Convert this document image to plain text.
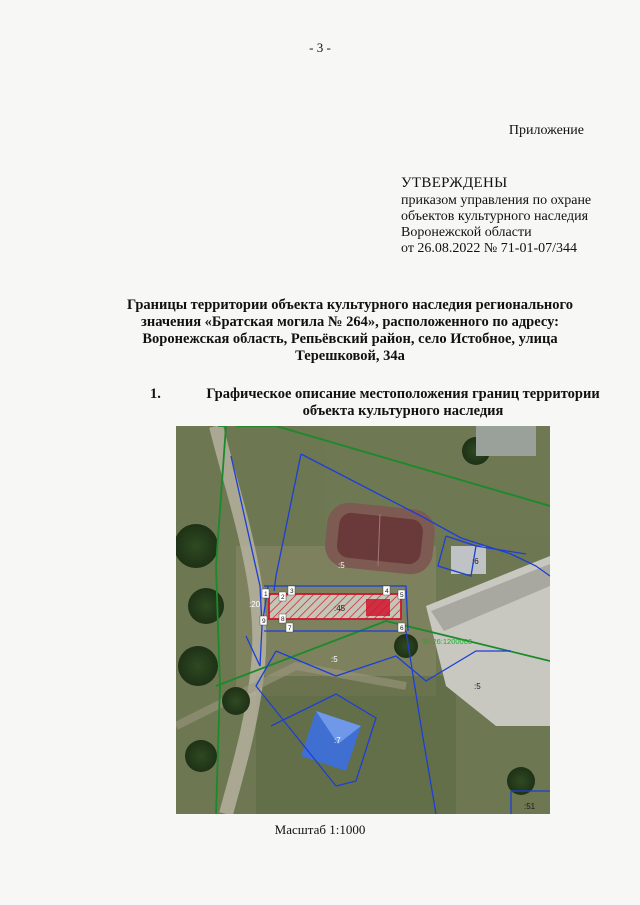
- 3 -
Приложение
УТВЕРЖДЕНЫ
приказом управления по охране
объектов культурного наследия
Воронежской области
от 26.08.2022 № 71-01-07/344
Границы территории объекта культурного наследия регионального
значения «Братская могила № 264», расположенного по адресу:
Воронежская область, Репьёвский район, село Истобное, улица
Терешковой, 34а
1.	Графическое описание местоположения границ территории
объекта культурного наследия
:5	:6
:20	:45
:5
:5
:7
:51
36:26:1200003
1 2
3	4
5
6
7
8
9
Масштаб 1:1000
